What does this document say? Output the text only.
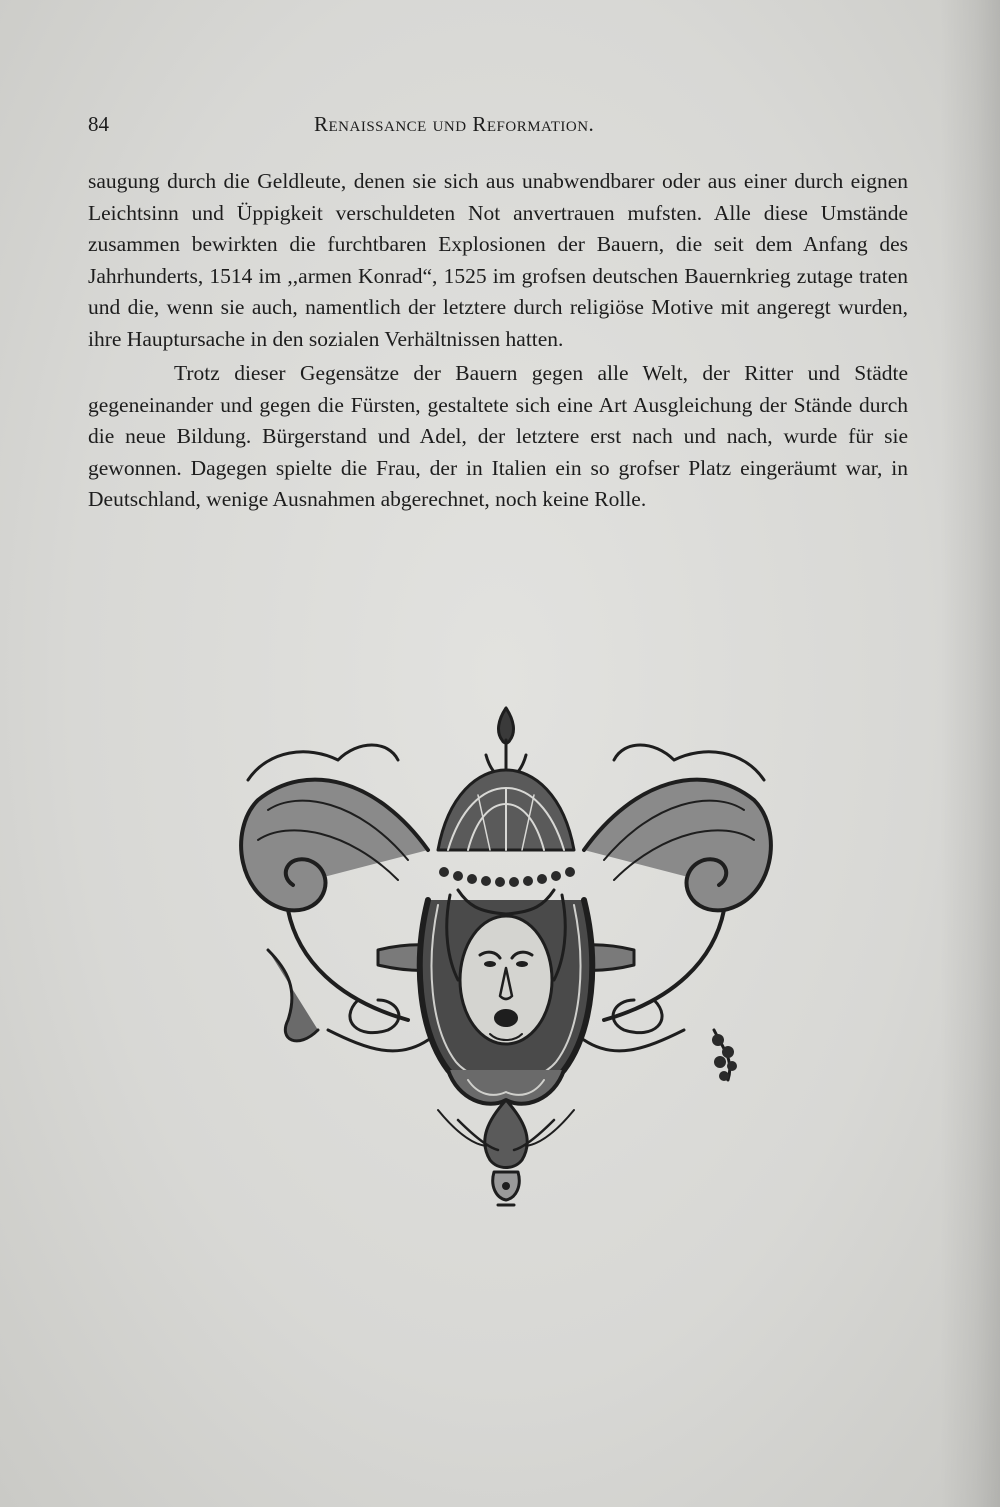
84	Renaissance und Reformation.

saugung durch die Geldleute, denen sie sich aus unabwendbarer oder aus einer durch eignen Leichtsinn und Üppigkeit verschuldeten Not anvertrauen mufsten. Alle diese Umstände zusammen bewirkten die furchtbaren Explosionen der Bauern, die seit dem Anfang des Jahrhunderts, 1514 im ,,armen Konrad“, 1525 im grofsen deutschen Bauernkrieg zutage traten und die, wenn sie auch, namentlich der letztere durch religiöse Motive mit angeregt wurden, ihre Hauptursache in den sozialen Verhältnissen hatten.

Trotz dieser Gegensätze der Bauern gegen alle Welt, der Ritter und Städte gegeneinander und gegen die Fürsten, gestaltete sich eine Art Ausgleichung der Stände durch die neue Bildung. Bürgerstand und Adel, der letztere erst nach und nach, wurde für sie gewonnen. Dagegen spielte die Frau, der in Italien ein so grofser Platz eingeräumt war, in Deutschland, wenige Ausnahmen abgerechnet, noch keine Rolle.
